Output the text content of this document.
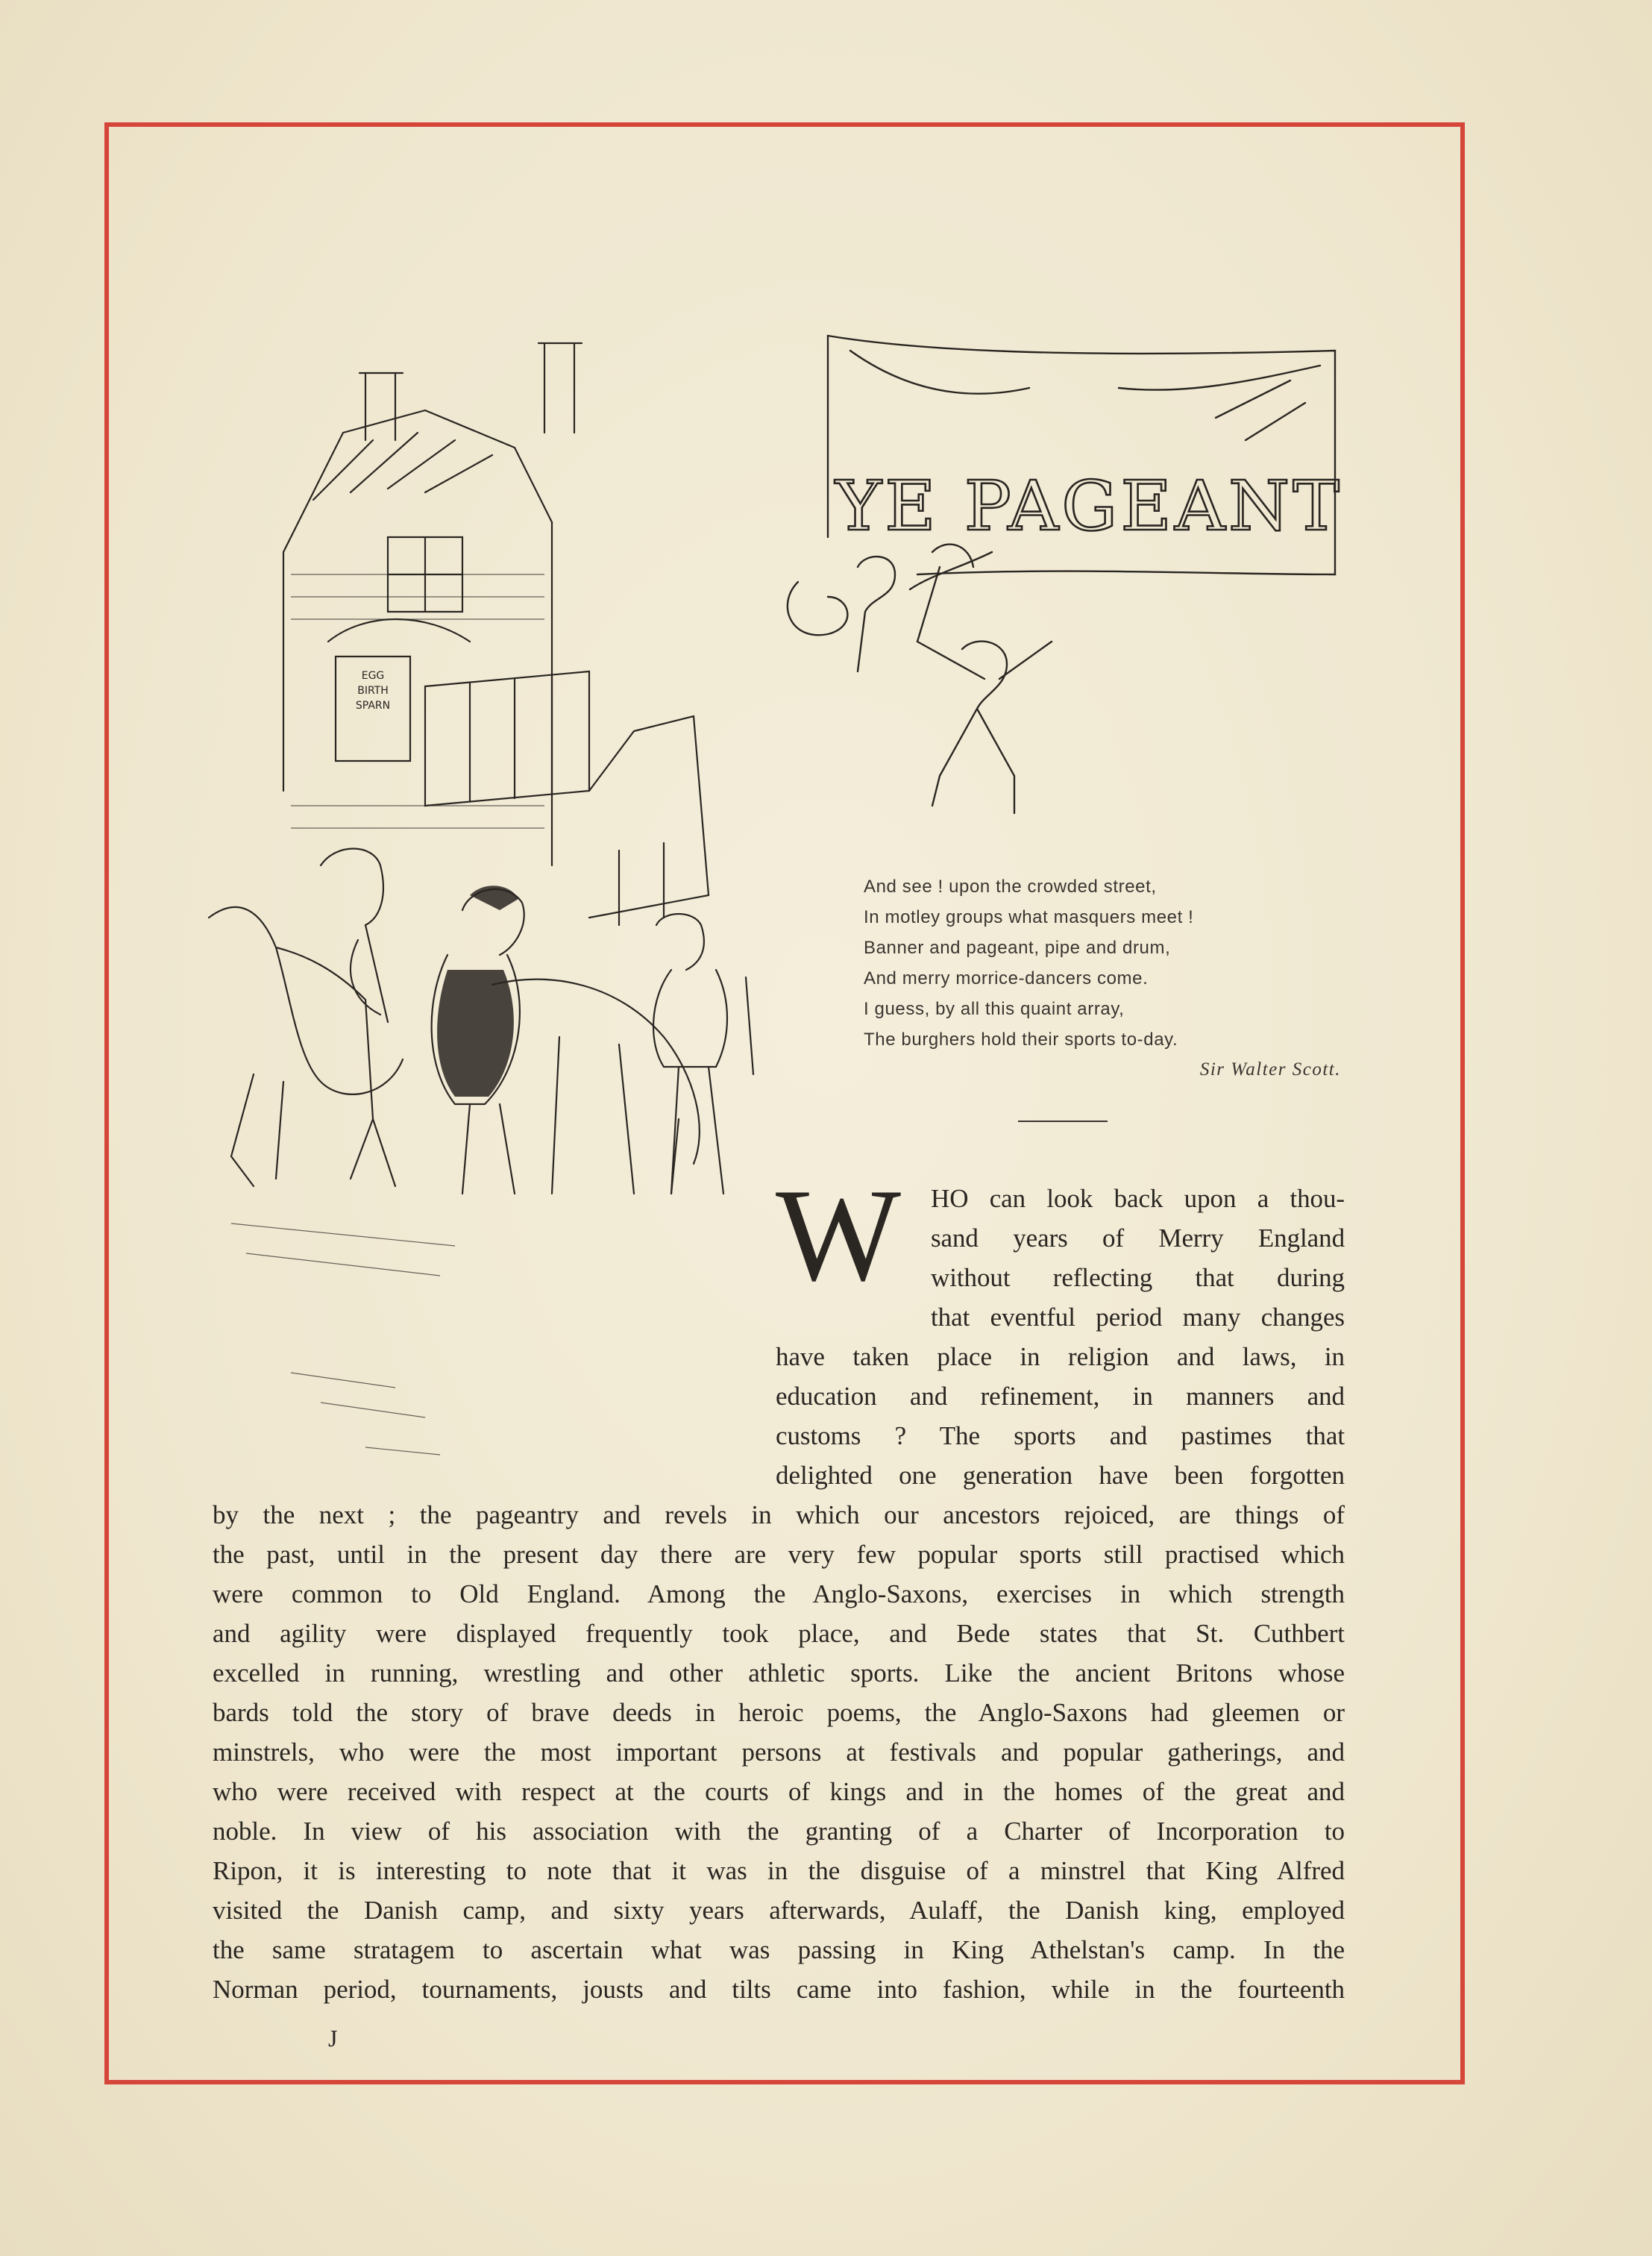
EGG
BIRTH
SPARN
YE PAGEANT
And see ! upon the crowded street,
In motley groups what masquers meet !
Banner and pageant, pipe and drum,
And merry morrice-dancers come.
I guess, by all this quaint array,
The burghers hold their sports to-day.
Sir Walter Scott.
W HO can look back upon a thou-
sand years of Merry England
without reflecting that during
that eventful period many changes
have taken place in religion and laws, in
education and refinement, in manners and
customs ? The sports and pastimes that
delighted one generation have been forgotten
by the next ; the pageantry and revels in which our ancestors rejoiced, are things of
the past, until in the present day there are very few popular sports still practised which
were common to Old England. Among the Anglo-Saxons, exercises in which strength
and agility were displayed frequently took place, and Bede states that St. Cuthbert
excelled in running, wrestling and other athletic sports. Like the ancient Britons whose
bards told the story of brave deeds in heroic poems, the Anglo-Saxons had gleemen or
minstrels, who were the most important persons at festivals and popular gatherings, and
who were received with respect at the courts of kings and in the homes of the great and
noble. In view of his association with the granting of a Charter of Incorporation to
Ripon, it is interesting to note that it was in the disguise of a minstrel that King Alfred
visited the Danish camp, and sixty years afterwards, Aulaff, the Danish king, employed
the same stratagem to ascertain what was passing in King Athelstan's camp. In the
Norman period, tournaments, jousts and tilts came into fashion, while in the fourteenth
J
